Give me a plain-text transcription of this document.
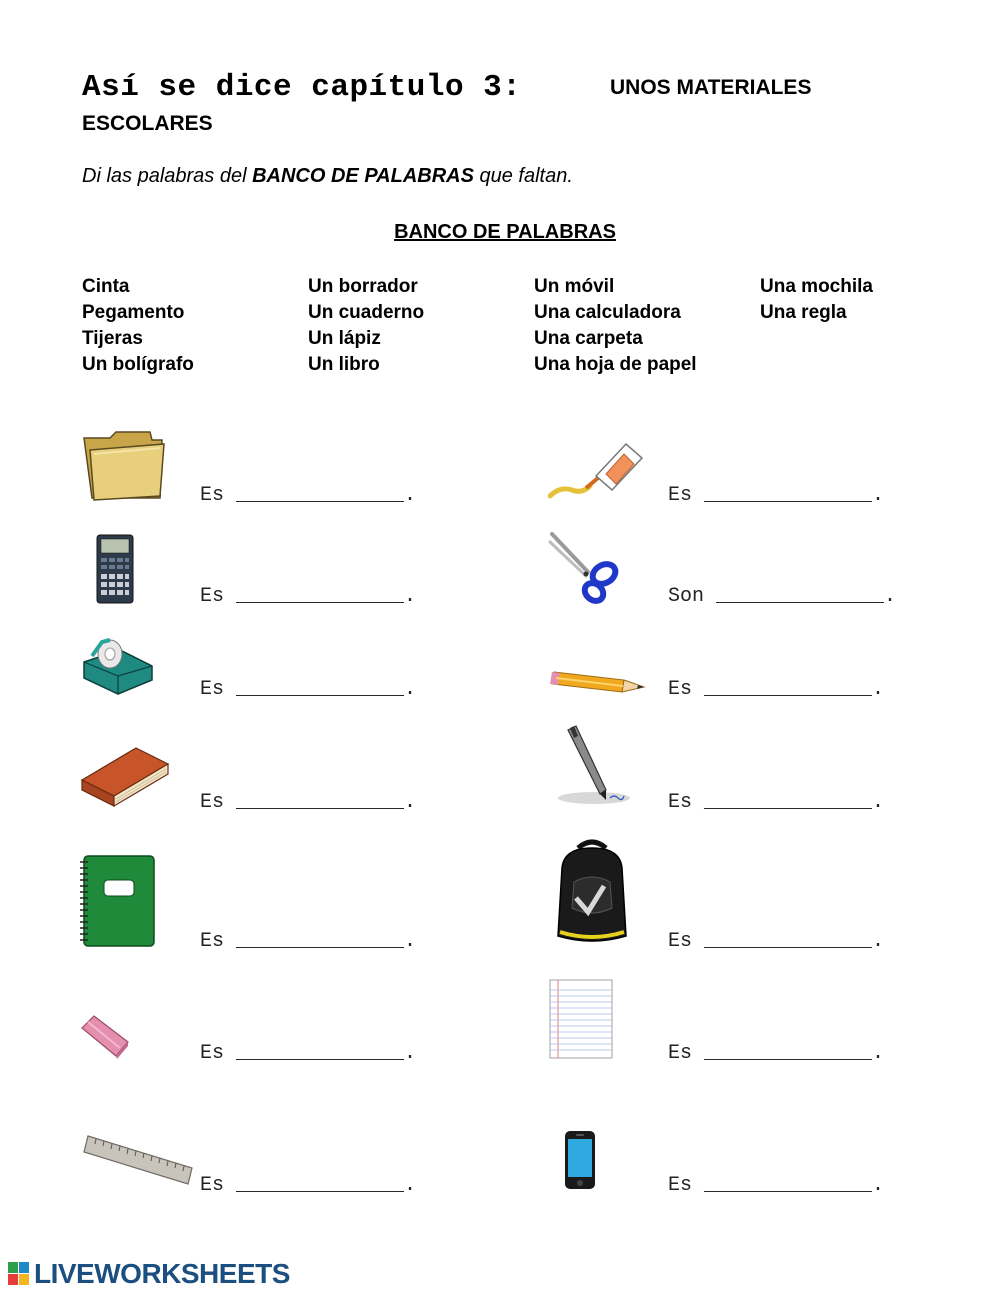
Así se dice capítulo 3:	UNOS MATERIALES
ESCOLARES
Di las palabras del BANCO DE PALABRAS que faltan.
BANCO DE PALABRAS
Cinta
Pegamento
Tijeras
Un bolígrafo
Un borrador
Un cuaderno
Un lápiz
Un libro
Un móvil
Una calculadora
Una carpeta
Una hoja de papel
Una mochila
Una regla
Es ______________.
Es ______________.
Es ______________.
Es ______________.
Es ______________.
Es ______________.
Es ______________.
Es ______________.
Son ______________.
Es ______________.
Es ______________.
Es ______________.
Es ______________.
Es ______________.
LIVEWORKSHEETS
